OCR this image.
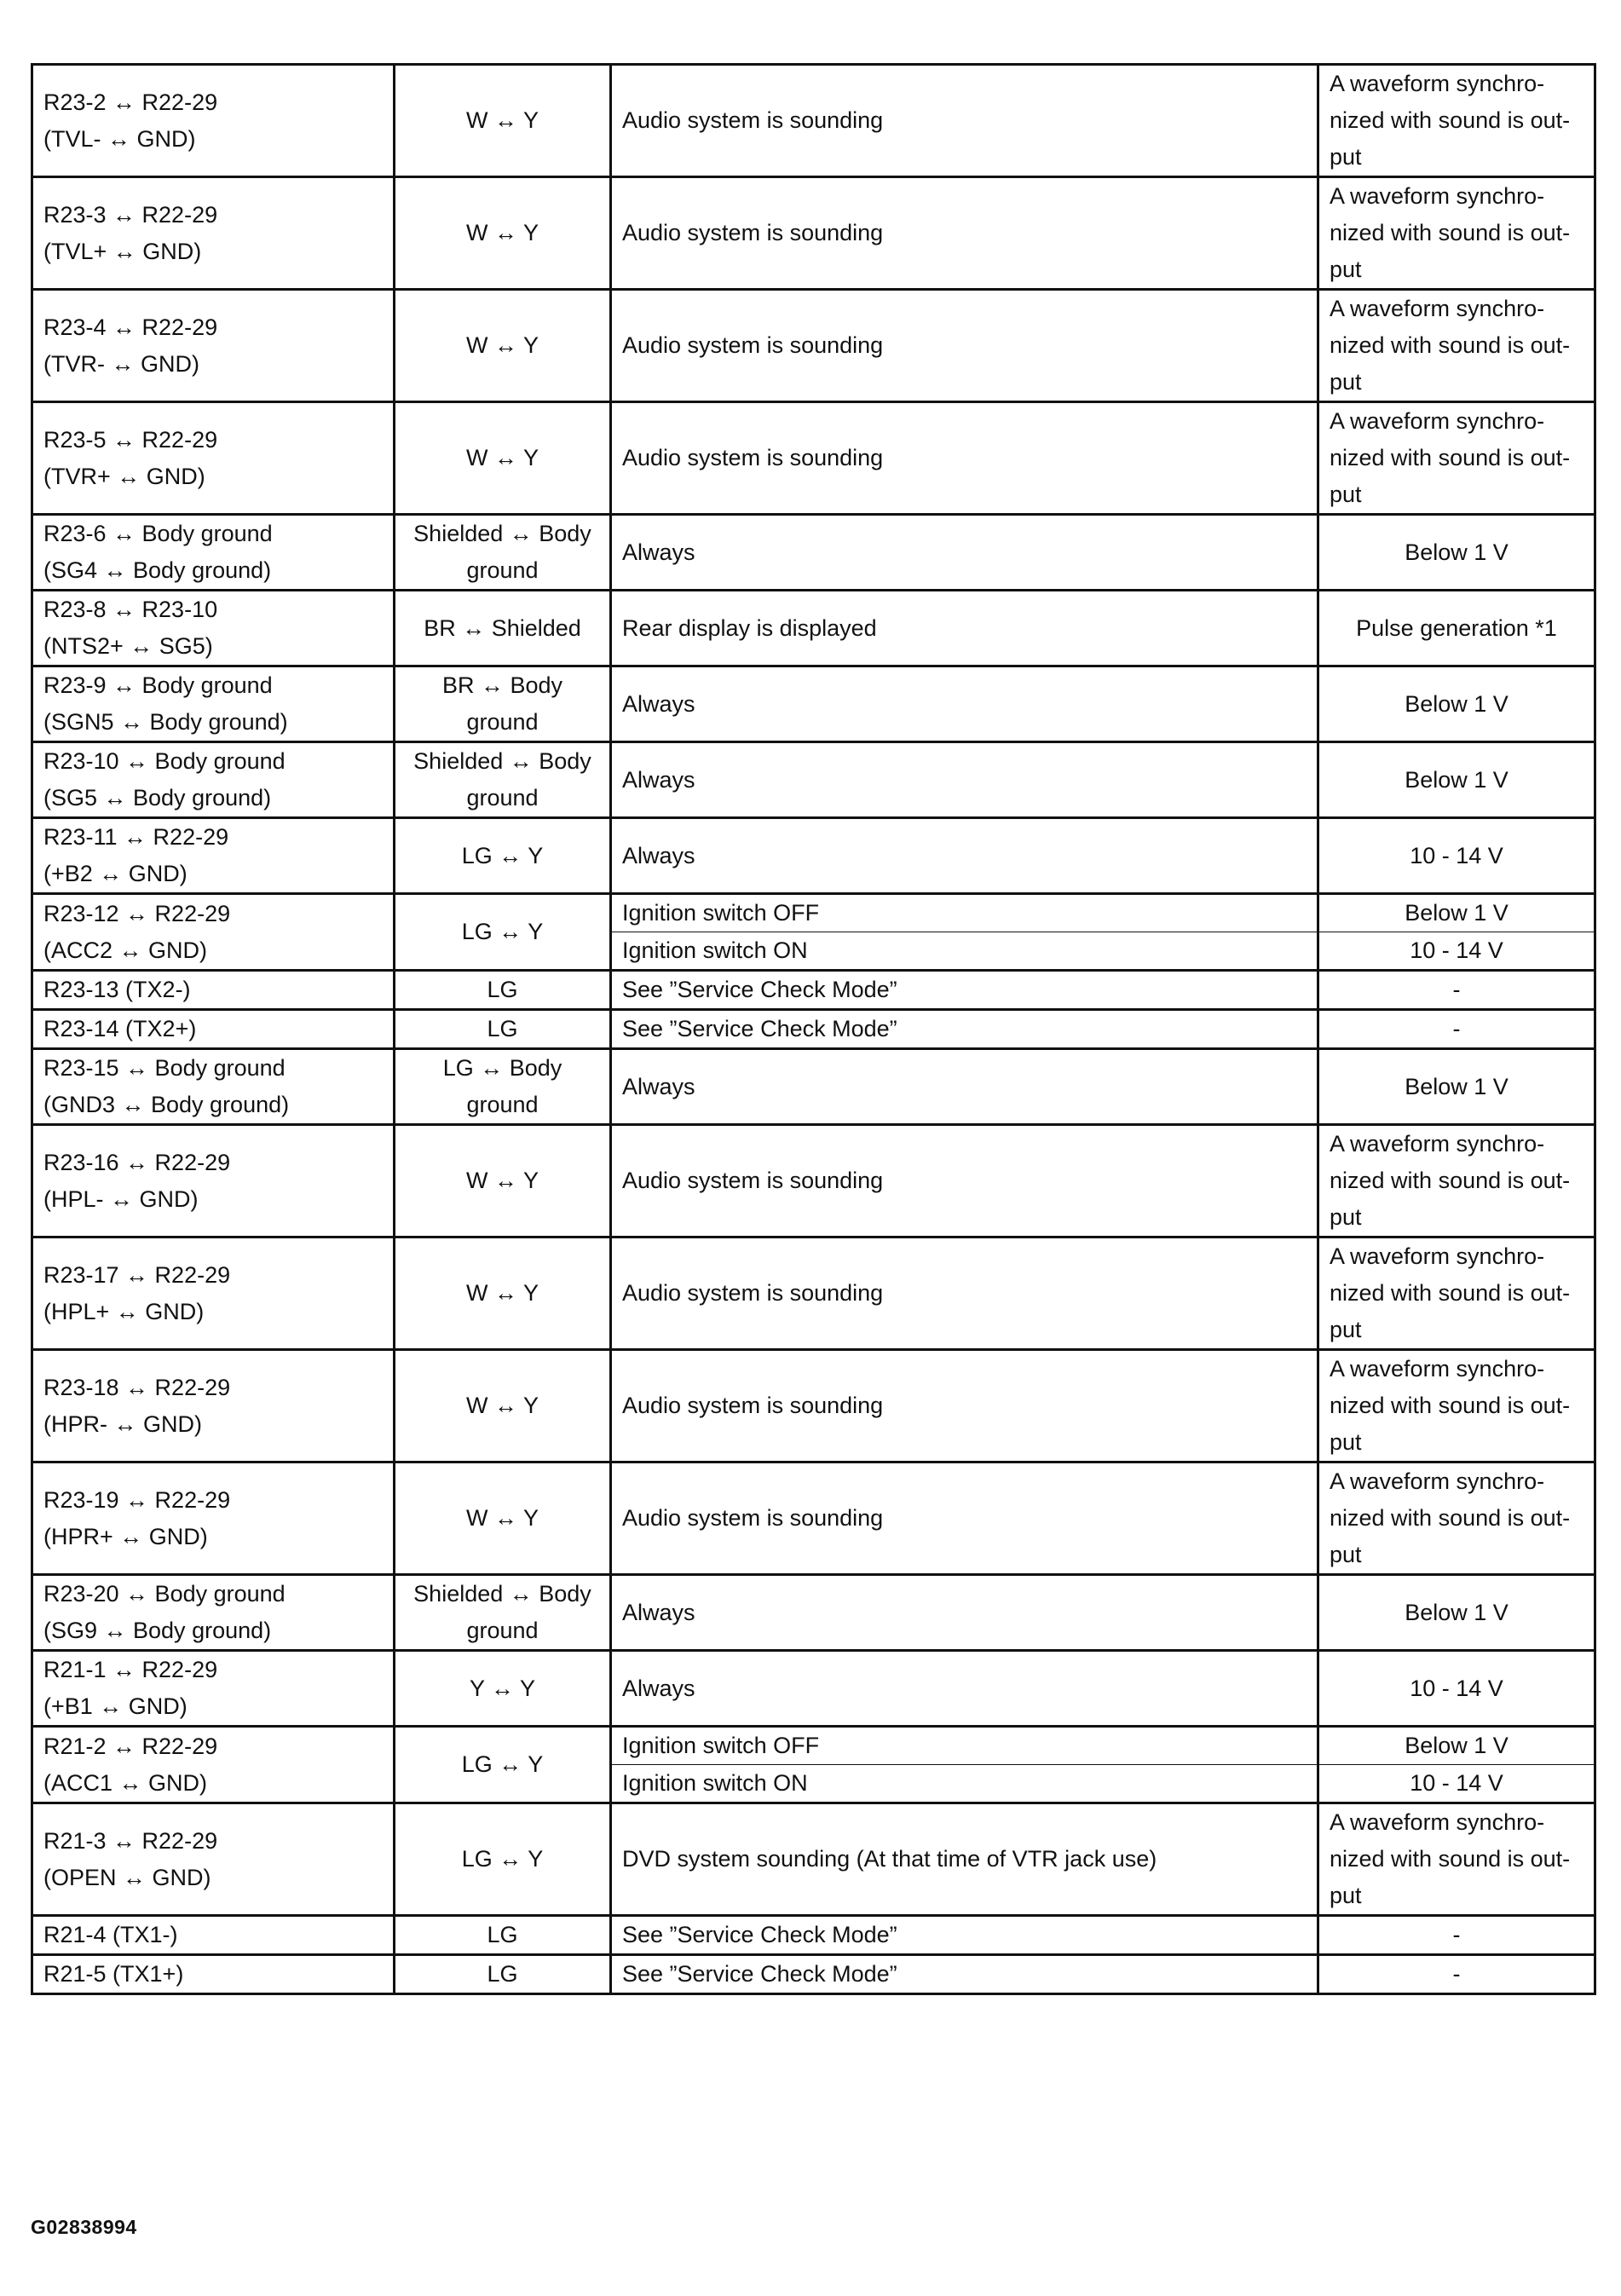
R23-2 ↔ R22-29
(TVL- ↔ GND)	W ↔ Y	Audio system is sounding	A waveform synchro-
nized with sound is out-
put

R23-3 ↔ R22-29
(TVL+ ↔ GND)	W ↔ Y	Audio system is sounding	A waveform synchro-
nized with sound is out-
put

R23-4 ↔ R22-29
(TVR- ↔ GND)	W ↔ Y	Audio system is sounding	A waveform synchro-
nized with sound is out-
put

R23-5 ↔ R22-29
(TVR+ ↔ GND)	W ↔ Y	Audio system is sounding	A waveform synchro-
nized with sound is out-
put

R23-6 ↔ Body ground
(SG4 ↔ Body ground)	Shielded ↔ Body
ground	Always	Below 1 V

R23-8 ↔ R23-10
(NTS2+ ↔ SG5)	BR ↔ Shielded	Rear display is displayed	Pulse generation *1

R23-9 ↔ Body ground
(SGN5 ↔ Body ground)	BR ↔ Body
ground	Always	Below 1 V

R23-10 ↔ Body ground
(SG5 ↔ Body ground)	Shielded ↔ Body
ground	Always	Below 1 V

R23-11 ↔ R22-29
(+B2 ↔ GND)	LG ↔ Y	Always	10 - 14 V

R23-12 ↔ R22-29
(ACC2 ↔ GND)	LG ↔ Y	Ignition switch OFF	Below 1 V

		Ignition switch ON	10 - 14 V

R23-13 (TX2-)	LG	See ”Service Check Mode”	-

R23-14 (TX2+)	LG	See ”Service Check Mode”	-

R23-15 ↔ Body ground
(GND3 ↔ Body ground)	LG ↔ Body
ground	Always	Below 1 V

R23-16 ↔ R22-29
(HPL- ↔ GND)	W ↔ Y	Audio system is sounding	A waveform synchro-
nized with sound is out-
put

R23-17 ↔ R22-29
(HPL+ ↔ GND)	W ↔ Y	Audio system is sounding	A waveform synchro-
nized with sound is out-
put

R23-18 ↔ R22-29
(HPR- ↔ GND)	W ↔ Y	Audio system is sounding	A waveform synchro-
nized with sound is out-
put

R23-19 ↔ R22-29
(HPR+ ↔ GND)	W ↔ Y	Audio system is sounding	A waveform synchro-
nized with sound is out-
put

R23-20 ↔ Body ground
(SG9 ↔ Body ground)	Shielded ↔ Body
ground	Always	Below 1 V

R21-1 ↔ R22-29
(+B1 ↔ GND)	Y ↔ Y	Always	10 - 14 V

R21-2 ↔ R22-29
(ACC1 ↔ GND)	LG ↔ Y	Ignition switch OFF	Below 1 V

		Ignition switch ON	10 - 14 V

R21-3 ↔ R22-29
(OPEN ↔ GND)	LG ↔ Y	DVD system sounding (At that time of VTR jack use)	A waveform synchro-
nized with sound is out-
put

R21-4 (TX1-)	LG	See ”Service Check Mode”	-

R21-5 (TX1+)	LG	See ”Service Check Mode”	-
G02838994
